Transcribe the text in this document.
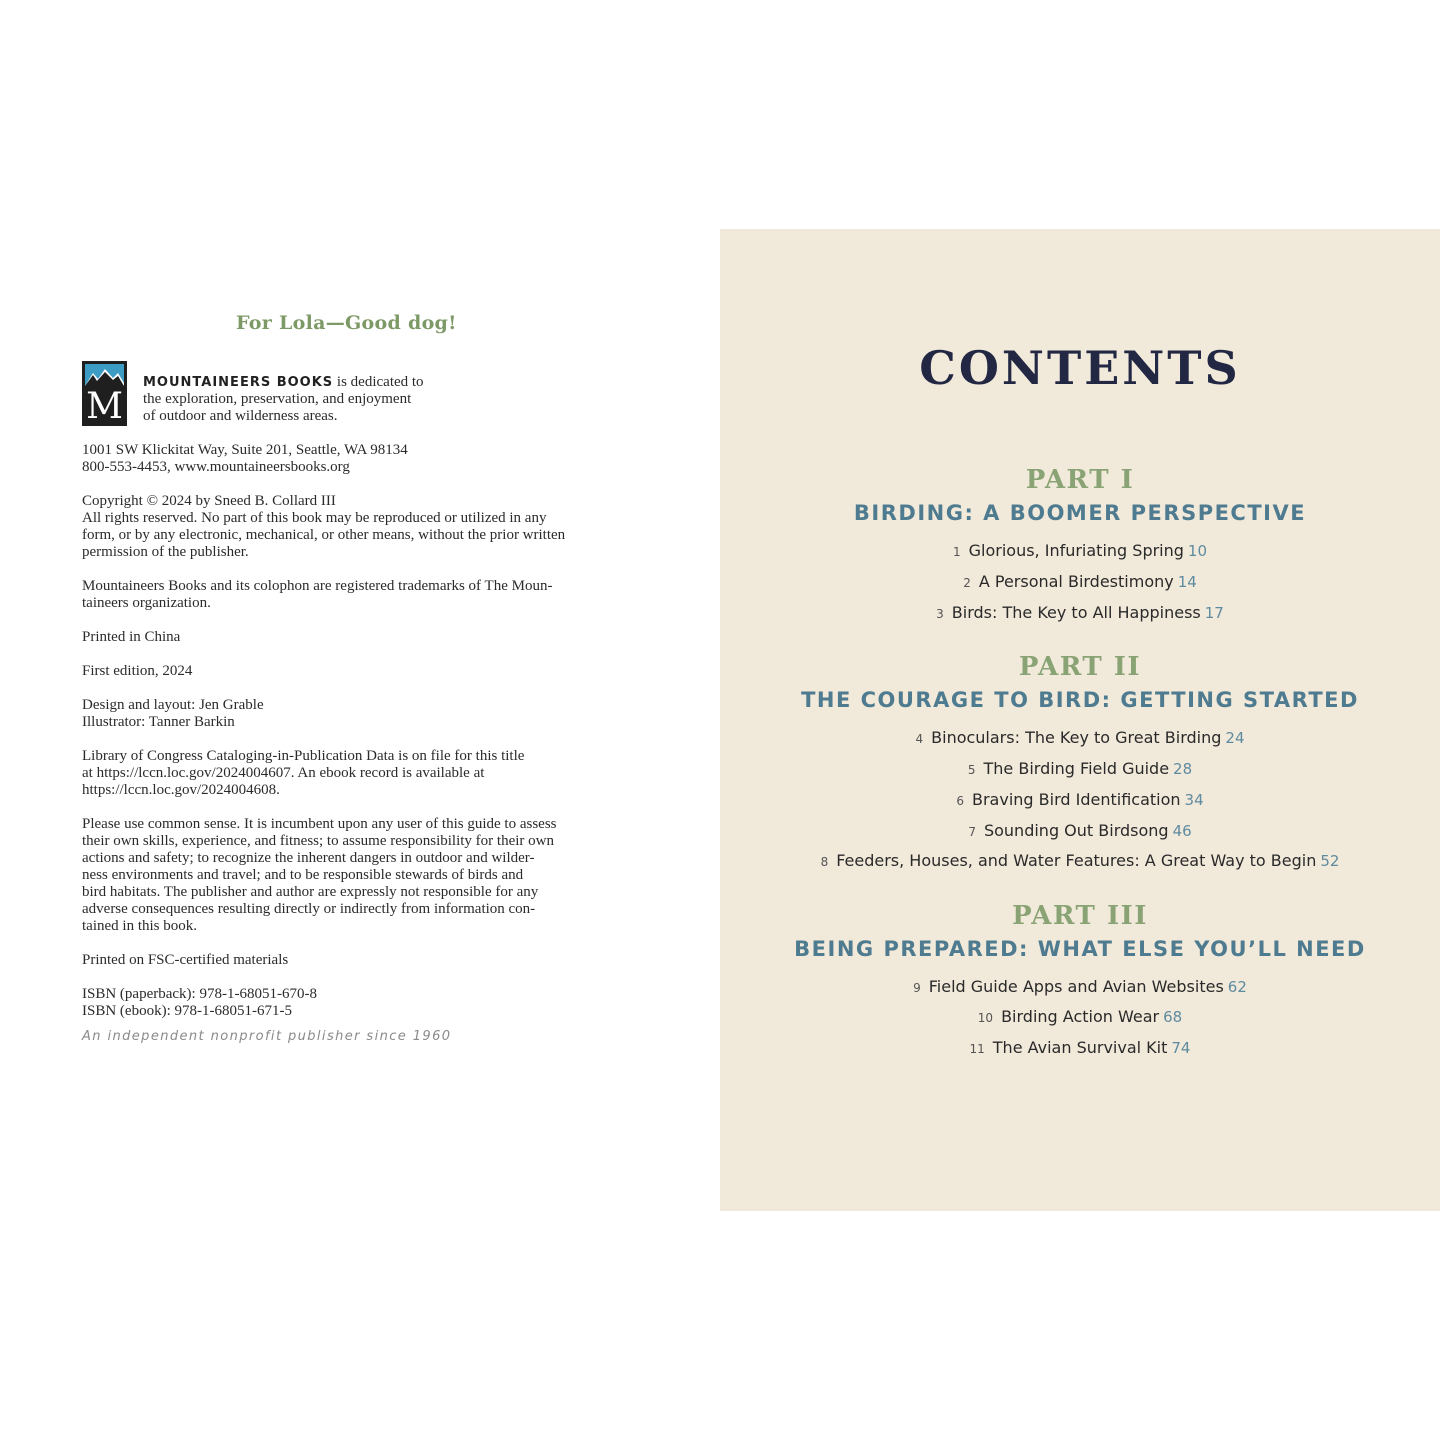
For Lola—Good dog!
M
MOUNTAINEERS BOOKS is dedicated to
the exploration, preservation, and enjoyment
of outdoor and wilderness areas.
1001 SW Klickitat Way, Suite 201, Seattle, WA 98134
800-553-4453, www.mountaineersbooks.org
Copyright © 2024 by Sneed B. Collard III
All rights reserved. No part of this book may be reproduced or utilized in any
form, or by any electronic, mechanical, or other means, without the prior written
permission of the publisher.
Mountaineers Books and its colophon are registered trademarks of The Moun-
taineers organization.
Printed in China
First edition, 2024
Design and layout: Jen Grable
Illustrator: Tanner Barkin
Library of Congress Cataloging-in-Publication Data is on file for this title
at https://lccn.loc.gov/2024004607. An ebook record is available at
https://lccn.loc.gov/2024004608.
Please use common sense. It is incumbent upon any user of this guide to assess
their own skills, experience, and fitness; to assume responsibility for their own
actions and safety; to recognize the inherent dangers in outdoor and wilder-
ness environments and travel; and to be responsible stewards of birds and
bird habitats. The publisher and author are expressly not responsible for any
adverse consequences resulting directly or indirectly from information con-
tained in this book.
Printed on FSC-certified materials
ISBN (paperback): 978-1-68051-670-8
ISBN (ebook): 978-1-68051-671-5
An independent nonprofit publisher since 1960
CONTENTS
PART I
BIRDING: A BOOMER PERSPECTIVE
1 Glorious, Infuriating Spring 10
2 A Personal Birdestimony 14
3 Birds: The Key to All Happiness 17
PART II
THE COURAGE TO BIRD: GETTING STARTED
4 Binoculars: The Key to Great Birding 24
5 The Birding Field Guide 28
6 Braving Bird Identification 34
7 Sounding Out Birdsong 46
8 Feeders, Houses, and Water Features: A Great Way to Begin 52
PART III
BEING PREPARED: WHAT ELSE YOU’LL NEED
9 Field Guide Apps and Avian Websites 62
10 Birding Action Wear 68
11 The Avian Survival Kit 74
